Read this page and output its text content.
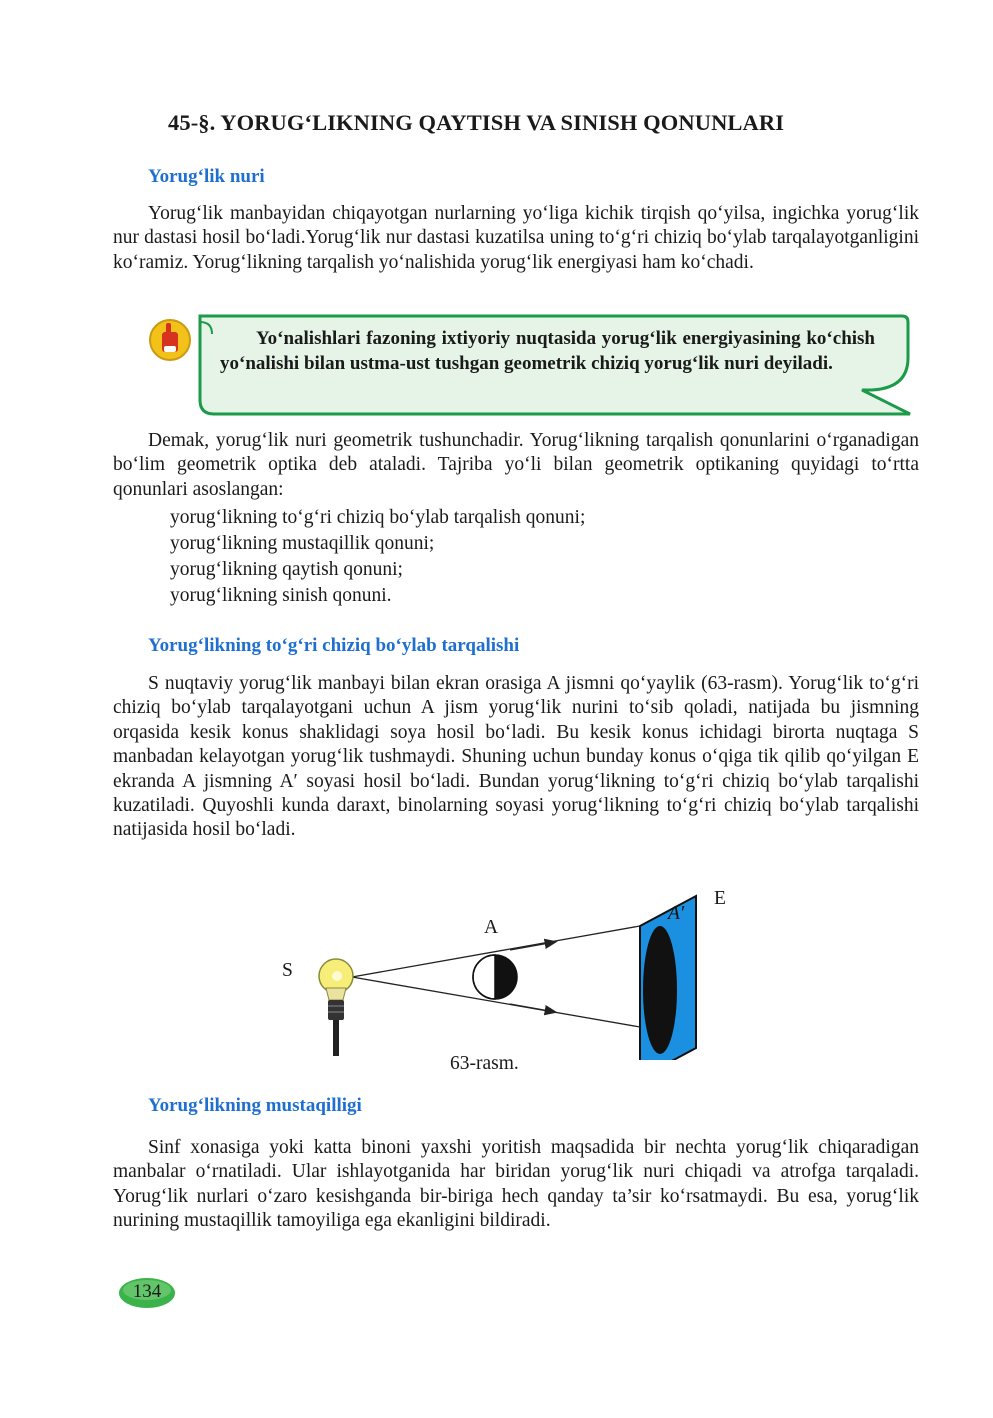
45-§. YORUG‘LIKNING QAYTISH VA SINISH QONUNLARI
Yorug‘lik nuri

Yorug‘lik manbayidan chiqayotgan nurlarning yo‘liga kichik tirqish qo‘yilsa, ingichka yorug‘lik nur dastasi hosil bo‘ladi.Yorug‘lik nur dastasi kuzatilsa uning to‘g‘ri chiziq bo‘ylab tarqalayotganligini ko‘ramiz. Yorug‘likning tarqalish yo‘nalishida yorug‘lik energiyasi ham ko‘chadi.

Yo‘nalishlari fazoning ixtiyoriy nuqtasida yorug‘lik energiyasining ko‘chish yo‘nalishi bilan ustma-ust tushgan geometrik chiziq yorug‘lik nuri deyiladi.

Demak, yorug‘lik nuri geometrik tushunchadir. Yorug‘likning tarqalish qonunlarini o‘rganadigan bo‘lim geometrik optika deb ataladi. Tajriba yo‘li bilan geometrik optikaning quyidagi to‘rtta qonunlari asoslangan:

yorug‘likning to‘g‘ri chiziq bo‘ylab tarqalish qonuni;
yorug‘likning mustaqillik qonuni;
yorug‘likning qaytish qonuni;
yorug‘likning sinish qonuni.
Yorug‘likning to‘g‘ri chiziq bo‘ylab tarqalishi

S nuqtaviy yorug‘lik manbayi bilan ekran orasiga A jismni qo‘yaylik (63-rasm). Yorug‘lik to‘g‘ri chiziq bo‘ylab tarqalayotgani uchun A jism yorug‘lik nurini to‘sib qoladi, natijada bu jismning orqasida kesik konus shaklidagi soya hosil bo‘ladi. Bu kesik konus ichidagi birorta nuqtaga S manbadan kelayotgan yorug‘lik tushmaydi. Shuning uchun bunday konus o‘qiga tik qilib qo‘yilgan E ekranda A jismning A′ soyasi hosil bo‘ladi. Bundan yorug‘likning to‘g‘ri chiziq bo‘ylab tarqalishi kuzatiladi. Quyoshli kunda daraxt, binolarning soyasi yorug‘likning to‘g‘ri chiziq bo‘ylab tarqalishi natijasida hosil bo‘ladi.

S
A
E
A′
63-rasm.
Yorug‘likning mustaqilligi

Sinf xonasiga yoki katta binoni yaxshi yoritish maqsadida bir nechta yorug‘lik chiqaradigan manbalar o‘rnatiladi. Ular ishlayotganida har biridan yorug‘lik nuri chiqadi va atrofga tarqaladi. Yorug‘lik nurlari o‘zaro kesishganda bir-biriga hech qanday ta’sir ko‘rsatmaydi. Bu esa, yorug‘lik nurining mustaqillik tamoyiliga ega ekanligini bildiradi.

134
